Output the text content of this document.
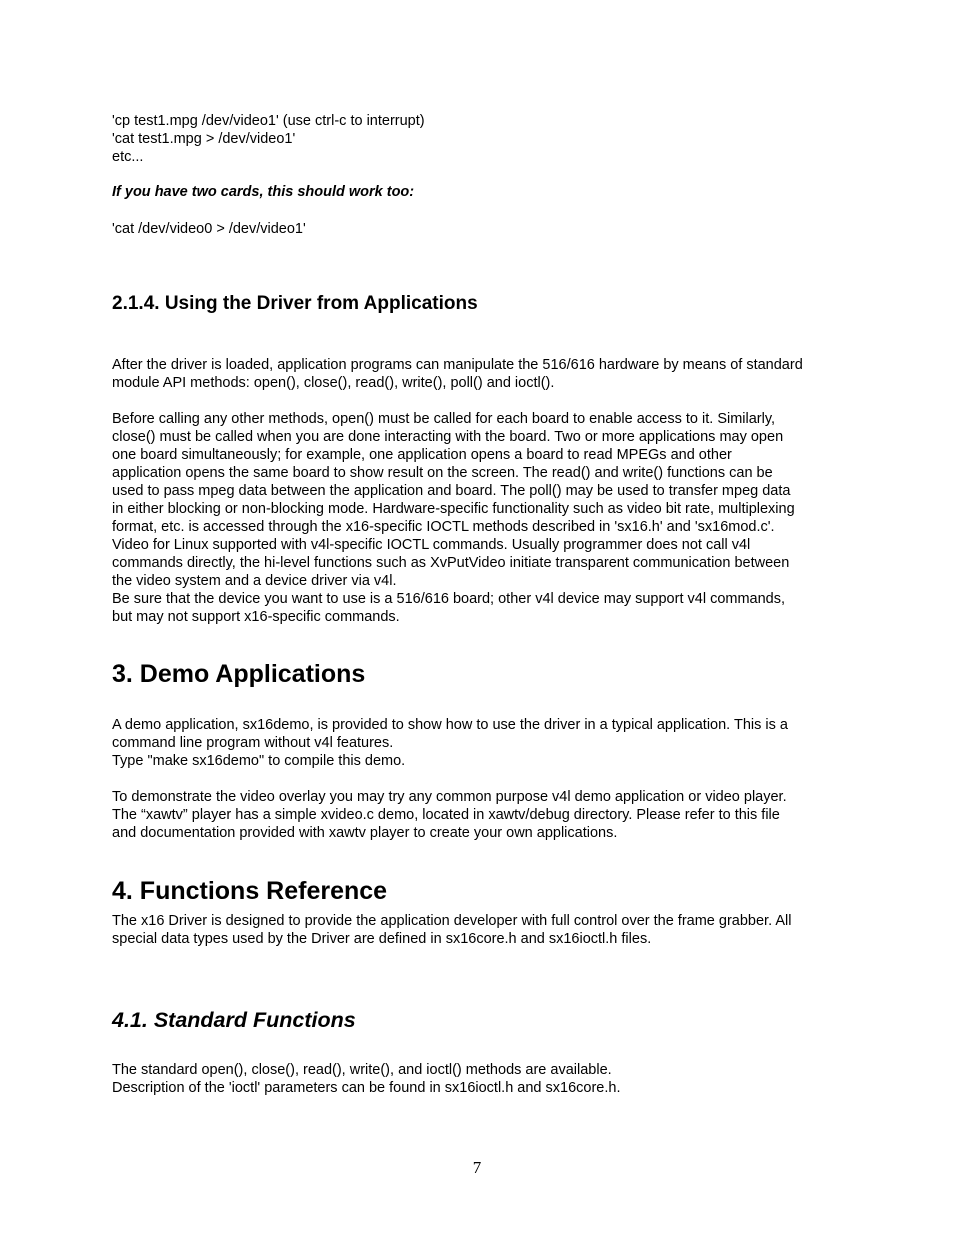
'cp test1.mpg /dev/video1' (use ctrl-c to interrupt)
'cat test1.mpg > /dev/video1'
etc...
If you have two cards, this should work too:
'cat /dev/video0 > /dev/video1'
2.1.4. Using the Driver from Applications
After the driver is loaded, application programs can manipulate the 516/616 hardware by means of standard
module API methods: open(), close(), read(), write(), poll() and ioctl().
Before calling any other methods, open() must be called for each board to enable access to it. Similarly,
close() must be called when you are done interacting with the board. Two or more applications may open
one board simultaneously; for example, one application opens a board to read MPEGs and other
application opens the same board to show result on the screen. The read() and write() functions can be
used to pass mpeg data between the application and board. The poll() may be used to transfer mpeg data
in either blocking or non-blocking mode. Hardware-specific functionality such as video bit rate, multiplexing
format, etc. is accessed through the x16-specific IOCTL methods described in 'sx16.h' and 'sx16mod.c'.
Video for Linux supported with v4l-specific IOCTL commands. Usually programmer does not call v4l
commands directly, the hi-level functions such as XvPutVideo initiate transparent communication between
the video system and a device driver via v4l.
Be sure that the device you want to use is a 516/616 board; other v4l device may support v4l commands,
but may not support x16-specific commands.
3. Demo Applications
A demo application, sx16demo, is provided to show how to use the driver in a typical application. This is a
command line program without v4l features.
Type "make sx16demo" to compile this demo.
To demonstrate the video overlay you may try any common purpose v4l demo application or video player.
The “xawtv” player has a simple xvideo.c demo, located in xawtv/debug directory. Please refer to this file
and documentation provided with xawtv player to create your own applications.
4. Functions Reference
The x16 Driver is designed to provide the application developer with full control over the frame grabber. All
special data types used by the Driver are defined in sx16core.h and sx16ioctl.h files.
4.1. Standard Functions
The standard open(), close(), read(), write(), and ioctl() methods are available.
Description of the 'ioctl' parameters can be found in sx16ioctl.h and sx16core.h.
7
